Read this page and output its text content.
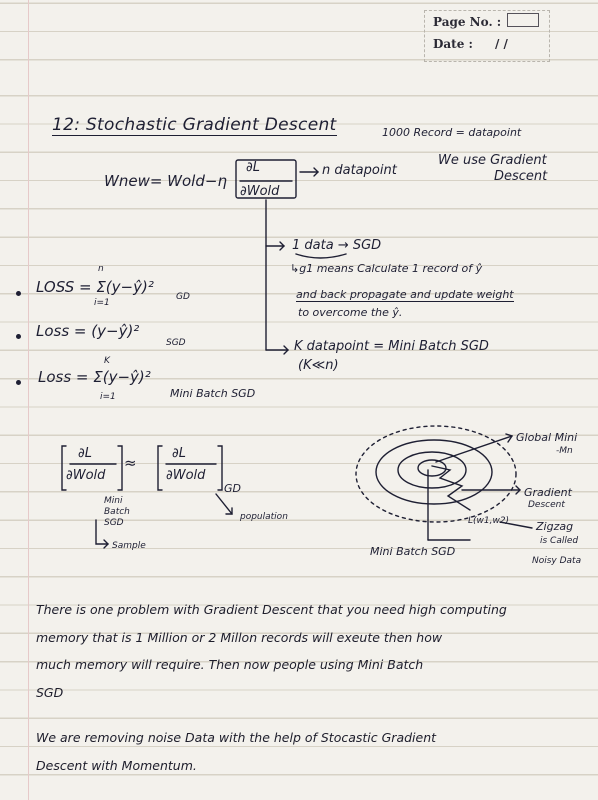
Page No. :
Date : / /
12: Stochastic Gradient Descent	1000 Record = datapoint
Wnew= Wold−η
∂L
∂Wold
n datapoint
We use Gradient
Descent
1 data → SGD
↳g1 means Calculate 1 record of ŷ
and back propagate and update weight
to overcome the ŷ.
K datapoint = Mini Batch SGD
(K≪n)
LOSS = Σ(y−ŷ)²
n
i=1
GD
Loss = (y−ŷ)²
SGD
Loss = Σ(y−ŷ)²
K
i=1	Mini Batch SGD
∂L
∂Wold
≈
∂L
∂Wold
GD
Mini
Batch
SGD
Sample
population
Global Mini
-Mn
Gradient
Descent
L(w1,w2) Zigzag
is Called
Noisy Data
Mini Batch SGD
There is one problem with Gradient Descent that you need high computing
memory that is 1 Million or 2 Millon records will exeute then how
much memory will require. Then now people using Mini Batch
SGD
We are removing noise Data with the help of Stocastic Gradient
Descent with Momentum.
